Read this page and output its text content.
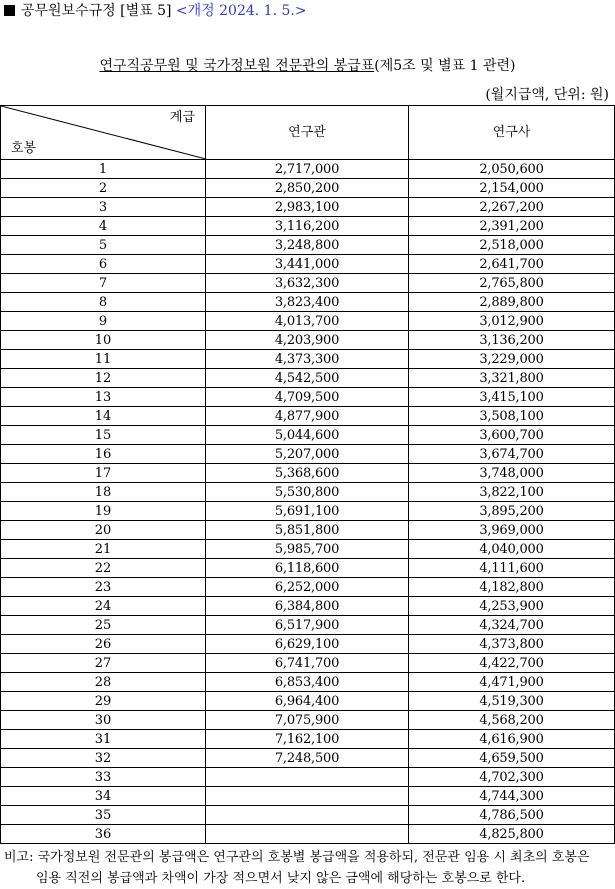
공무원보수규정 [별표 5] <개정 2024. 1. 5.>
연구직공무원 및 국가정보원 전문관의 봉급표(제5조 및 별표 1 관련)
(월지급액, 단위: 원)
계급
호봉	연구관	연구사
1	2,717,000	2,050,600
2	2,850,200	2,154,000
3	2,983,100	2,267,200
4	3,116,200	2,391,200
5	3,248,800	2,518,000
6	3,441,000	2,641,700
7	3,632,300	2,765,800
8	3,823,400	2,889,800
9	4,013,700	3,012,900
10	4,203,900	3,136,200
11	4,373,300	3,229,000
12	4,542,500	3,321,800
13	4,709,500	3,415,100
14	4,877,900	3,508,100
15	5,044,600	3,600,700
16	5,207,000	3,674,700
17	5,368,600	3,748,000
18	5,530,800	3,822,100
19	5,691,100	3,895,200
20	5,851,800	3,969,000
21	5,985,700	4,040,000
22	6,118,600	4,111,600
23	6,252,000	4,182,800
24	6,384,800	4,253,900
25	6,517,900	4,324,700
26	6,629,100	4,373,800
27	6,741,700	4,422,700
28	6,853,400	4,471,900
29	6,964,400	4,519,300
30	7,075,900	4,568,200
31	7,162,100	4,616,900
32	7,248,500	4,659,500
33		4,702,300
34		4,744,300
35		4,786,500
36		4,825,800
비고: 국가정보원 전문관의 봉급액은 연구관의 호봉별 봉급액을 적용하되, 전문관 임용 시 최초의 호봉은
임용 직전의 봉급액과 차액이 가장 적으면서 낮지 않은 금액에 해당하는 호봉으로 한다.
